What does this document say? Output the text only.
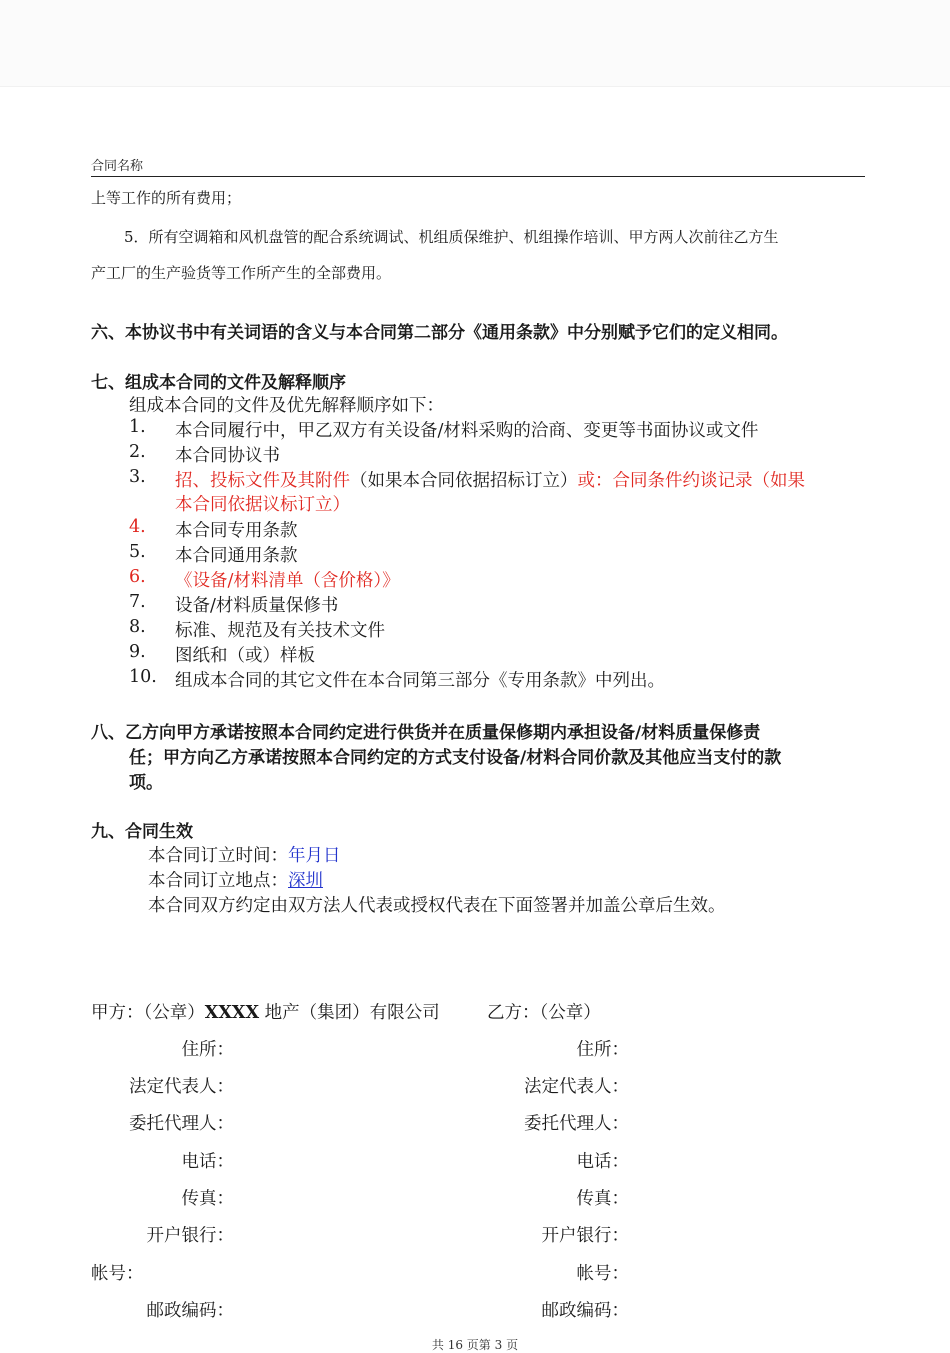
合同名称
上等工作的所有费用；
5．所有空调箱和风机盘管的配合系统调试、机组质保维护、机组操作培训、甲方两人次前往乙方生
产工厂的生产验货等工作所产生的全部费用。
六、本协议书中有关词语的含义与本合同第二部分《通用条款》中分别赋予它们的定义相同。
七、组成本合同的文件及解释顺序
组成本合同的文件及优先解释顺序如下：
1. 本合同履行中，甲乙双方有关设备/材料采购的洽商、变更等书面协议或文件
2. 本合同协议书
3. 招、投标文件及其附件（如果本合同依据招标订立）或：合同条件约谈记录（如果
本合同依据议标订立）
4. 本合同专用条款
5. 本合同通用条款
6. 《设备/材料清单（含价格）》
7. 设备/材料质量保修书
8. 标准、规范及有关技术文件
9. 图纸和（或）样板
10. 组成本合同的其它文件在本合同第三部分《专用条款》中列出。
八、乙方向甲方承诺按照本合同约定进行供货并在质量保修期内承担设备/材料质量保修责
任；甲方向乙方承诺按照本合同约定的方式支付设备/材料合同价款及其他应当支付的款
项。
九、合同生效
本合同订立时间：年月日
本合同订立地点：深圳
本合同双方约定由双方法人代表或授权代表在下面签署并加盖公章后生效。
甲方：（公章）XXXX 地产（集团）有限公司	乙方：（公章）
住所：
法定代表人：
委托代理人：
电话：
传真：
开户银行：
帐号：
邮政编码：
住所：
法定代表人：
委托代理人：
电话：
传真：
开户银行：
帐号：
邮政编码：
共 16 页第 3 页
